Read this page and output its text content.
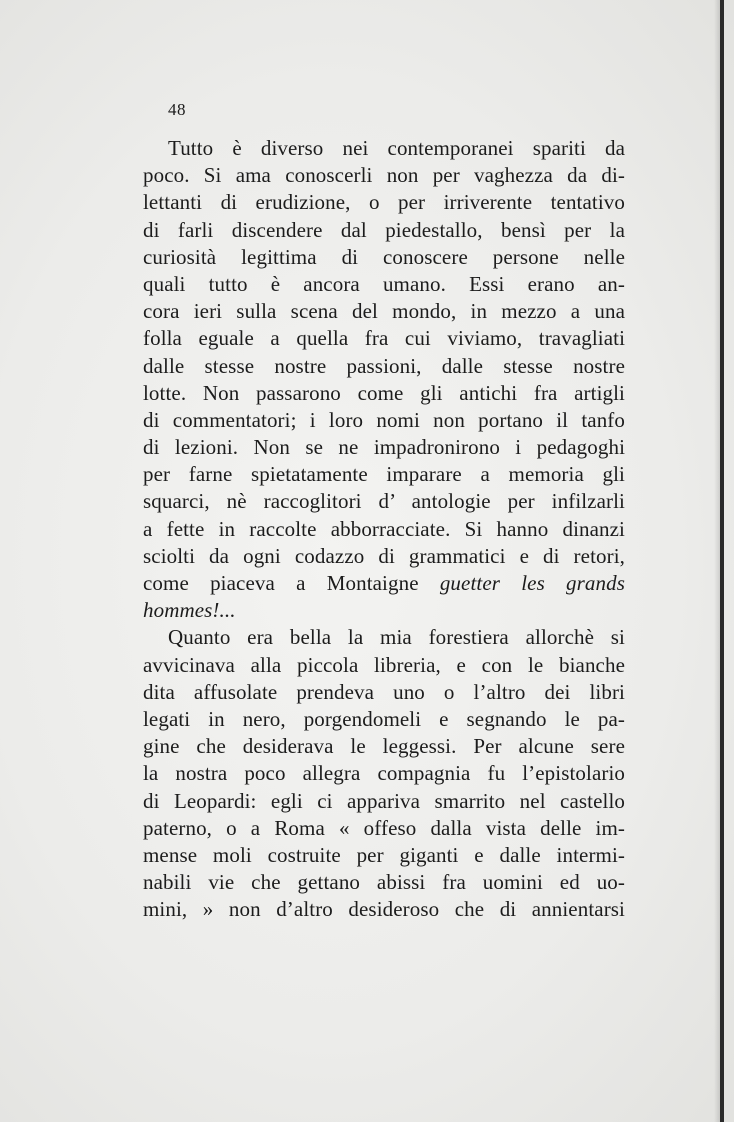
48
Tutto è diverso nei contemporanei spariti da
poco. Si ama conoscerli non per vaghezza da di-
lettanti di erudizione, o per irriverente tentativo
di farli discendere dal piedestallo, bensì per la
curiosità legittima di conoscere persone nelle
quali tutto è ancora umano. Essi erano an-
cora ieri sulla scena del mondo, in mezzo a una
folla eguale a quella fra cui viviamo, travagliati
dalle stesse nostre passioni, dalle stesse nostre
lotte. Non passarono come gli antichi fra artigli
di commentatori; i loro nomi non portano il tanfo
di lezioni. Non se ne impadronirono i pedagoghi
per farne spietatamente imparare a memoria gli
squarci, nè raccoglitori d’ antologie per infilzarli
a fette in raccolte abborracciate. Si hanno dinanzi
sciolti da ogni codazzo di grammatici e di retori,
come piaceva a Montaigne guetter les grands
hommes!...
Quanto era bella la mia forestiera allorchè si
avvicinava alla piccola libreria, e con le bianche
dita affusolate prendeva uno o l’altro dei libri
legati in nero, porgendomeli e segnando le pa-
gine che desiderava le leggessi. Per alcune sere
la nostra poco allegra compagnia fu l’epistolario
di Leopardi: egli ci appariva smarrito nel castello
paterno, o a Roma « offeso dalla vista delle im-
mense moli costruite per giganti e dalle intermi-
nabili vie che gettano abissi fra uomini ed uo-
mini, » non d’altro desideroso che di annientarsi
